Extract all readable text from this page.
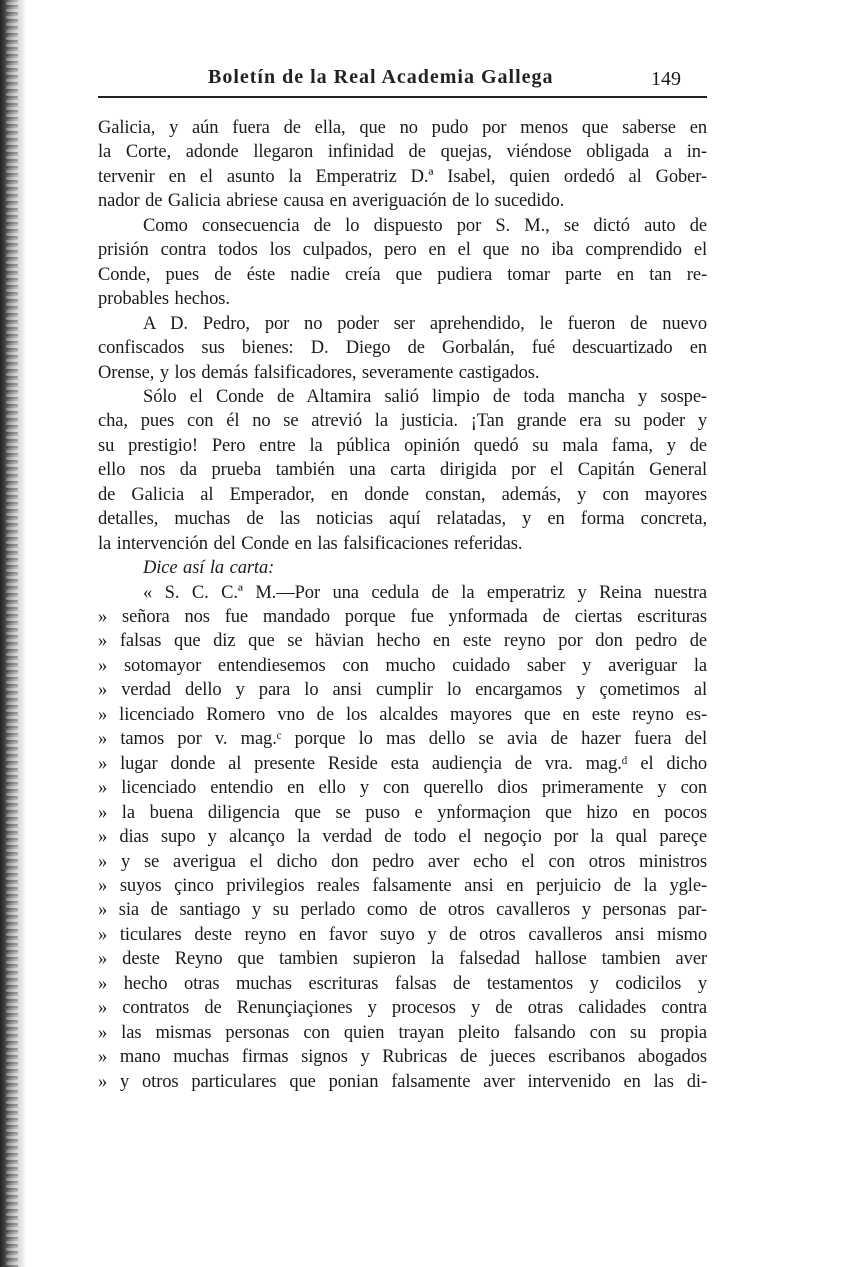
Boletín de la Real Academia Gallega	149
Galicia, y aún fuera de ella, que no pudo por menos que saberse en
la Corte, adonde llegaron infinidad de quejas, viéndose obligada a in-
tervenir en el asunto la Emperatriz D.ª Isabel, quien ordedó al Gober-
nador de Galicia abriese causa en averiguación de lo sucedido.
Como consecuencia de lo dispuesto por S. M., se dictó auto de
prisión contra todos los culpados, pero en el que no iba comprendido el
Conde, pues de éste nadie creía que pudiera tomar parte en tan re-
probables hechos.
A D. Pedro, por no poder ser aprehendido, le fueron de nuevo
confiscados sus bienes: D. Diego de Gorbalán, fué descuartizado en
Orense, y los demás falsificadores, severamente castigados.
Sólo el Conde de Altamira salió limpio de toda mancha y sospe-
cha, pues con él no se atrevió la justicia. ¡Tan grande era su poder y
su prestigio! Pero entre la pública opinión quedó su mala fama, y de
ello nos da prueba también una carta dirigida por el Capitán General
de Galicia al Emperador, en donde constan, además, y con mayores
detalles, muchas de las noticias aquí relatadas, y en forma concreta,
la intervención del Conde en las falsificaciones referidas.
Dice así la carta:
« S. C. C.ª M.—Por una cedula de la emperatriz y Reina nuestra
» señora nos fue mandado porque fue ynformada de ciertas escrituras
» falsas que diz que se hävian hecho en este reyno por don pedro de
» sotomayor entendiesemos con mucho cuidado saber y averiguar la
» verdad dello y para lo ansi cumplir lo encargamos y çometimos al
» licenciado Romero vno de los alcaldes mayores que en este reyno es-
» tamos por v. mag.ᶜ porque lo mas dello se avia de hazer fuera del
» lugar donde al presente Reside esta audiençia de vra. mag.ᵈ el dicho
» licenciado entendio en ello y con querello dios primeramente y con
» la buena diligencia que se puso e ynformaçion que hizo en pocos
» dias supo y alcanço la verdad de todo el negoçio por la qual pareçe
» y se averigua el dicho don pedro aver echo el con otros ministros
» suyos çinco privilegios reales falsamente ansi en perjuicio de la ygle-
» sia de santiago y su perlado como de otros cavalleros y personas par-
» ticulares deste reyno en favor suyo y de otros cavalleros ansi mismo
» deste Reyno que tambien supieron la falsedad hallose tambien aver
» hecho otras muchas escrituras falsas de testamentos y codicilos y
» contratos de Renunçiaçiones y procesos y de otras calidades contra
» las mismas personas con quien trayan pleito falsando con su propia
» mano muchas firmas signos y Rubricas de jueces escribanos abogados
» y otros particulares que ponian falsamente aver intervenido en las di-
